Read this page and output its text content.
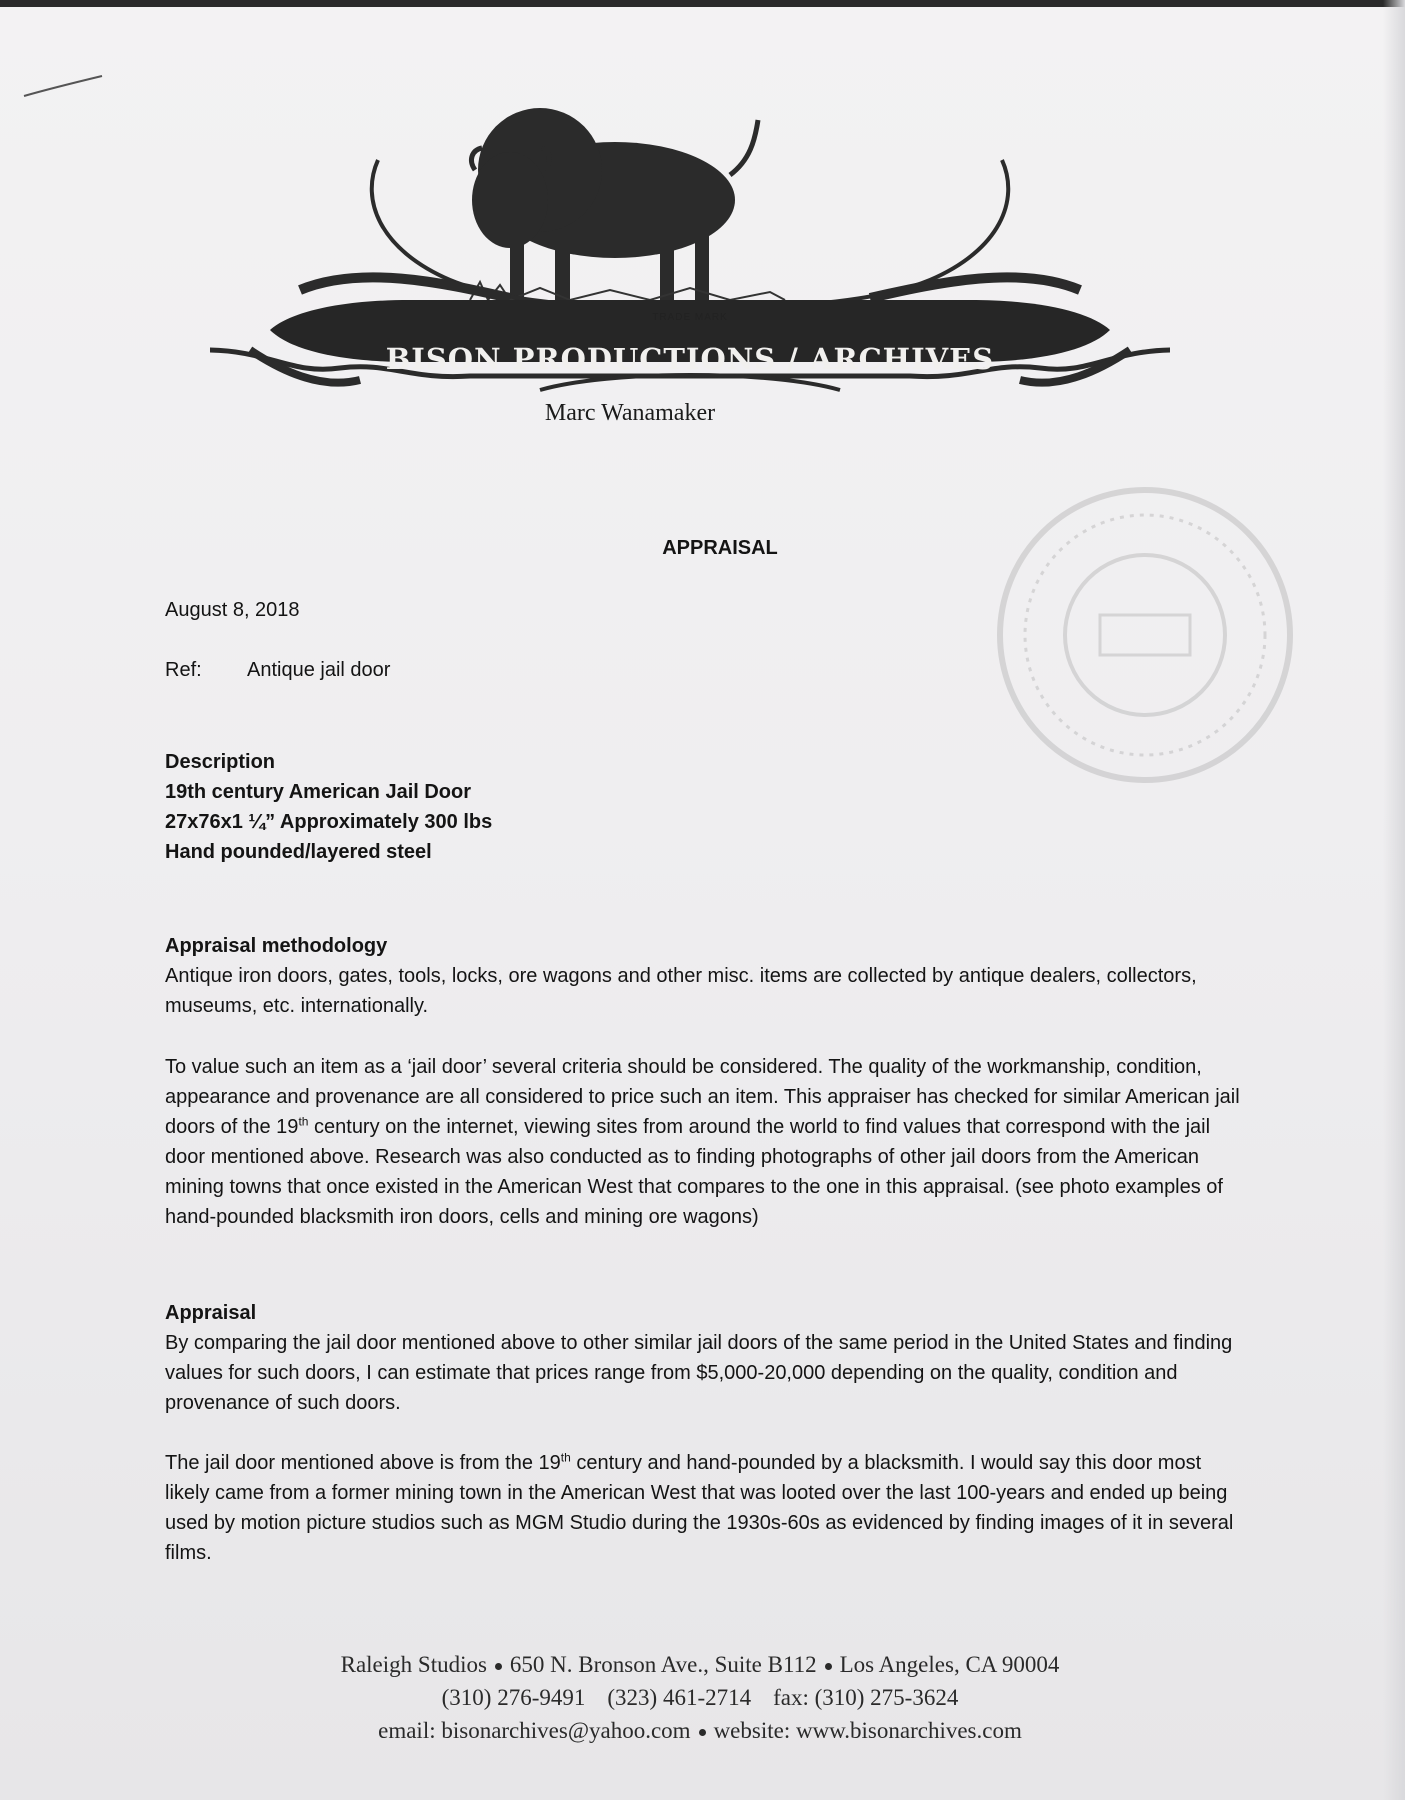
TRADE MARK
BISON PRODUCTIONS / ARCHIVES
Marc Wanamaker
APPRAISAL
August 8, 2018
Ref: Antique jail door
Description
19th century American Jail Door
27x76x1 ¼” Approximately 300 lbs
Hand pounded/layered steel
Appraisal methodology
Antique iron doors, gates, tools, locks, ore wagons and other misc. items are collected by antique dealers, collectors, museums, etc. internationally.
To value such an item as a ‘jail door’ several criteria should be considered. The quality of the workmanship, condition, appearance and provenance are all considered to price such an item. This appraiser has checked for similar American jail doors of the 19th century on the internet, viewing sites from around the world to find values that correspond with the jail door mentioned above. Research was also conducted as to finding photographs of other jail doors from the American mining towns that once existed in the American West that compares to the one in this appraisal. (see photo examples of hand-pounded blacksmith iron doors, cells and mining ore wagons)
Appraisal
By comparing the jail door mentioned above to other similar jail doors of the same period in the United States and finding values for such doors, I can estimate that prices range from $5,000-20,000 depending on the quality, condition and provenance of such doors.
The jail door mentioned above is from the 19th century and hand-pounded by a blacksmith. I would say this door most likely came from a former mining town in the American West that was looted over the last 100-years and ended up being used by motion picture studios such as MGM Studio during the 1930s-60s as evidenced by finding images of it in several films.
Raleigh Studios 650 N. Bronson Ave., Suite B112 Los Angeles, CA 90004
(310) 276-9491 (323) 461-2714 fax: (310) 275-3624
email: bisonarchives@yahoo.com website: www.bisonarchives.com
